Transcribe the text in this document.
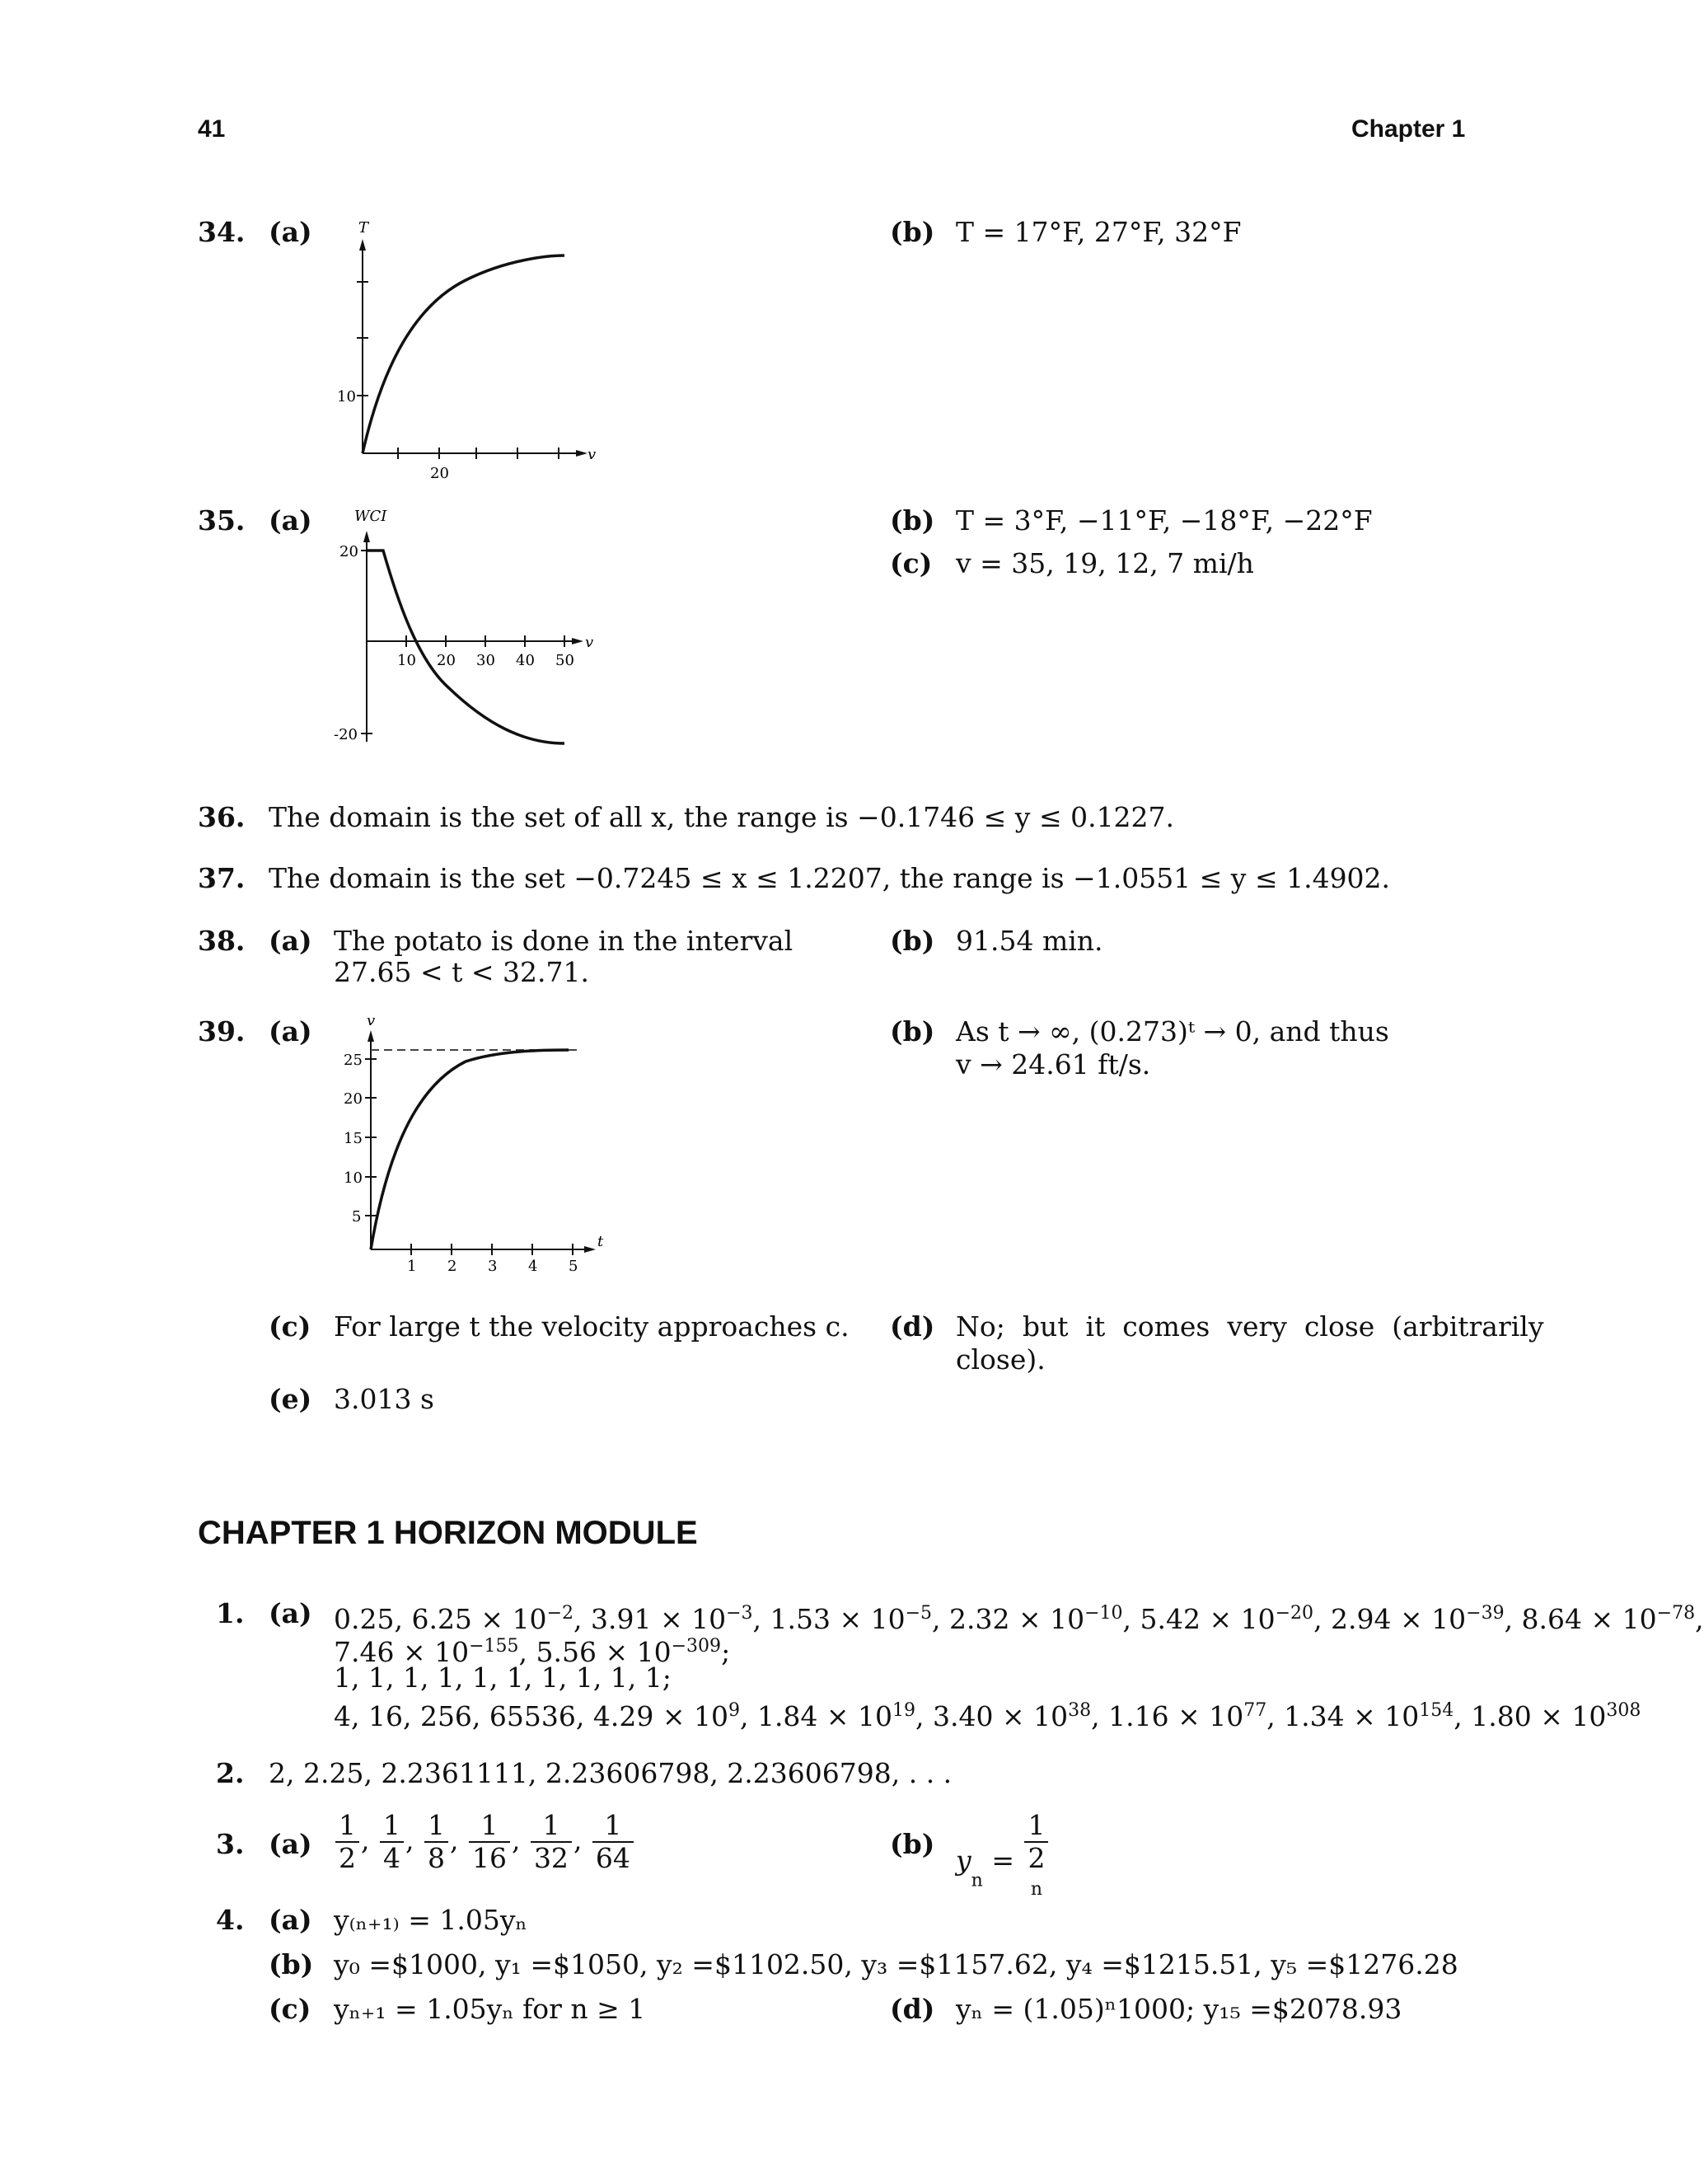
41	Chapter 1
34. (a)	T
v
10
20
(b) T = 17°F, 27°F, 32°F
35. (a)	WCI
v
20
-20
10 20 30 40 50
(b) T = 3°F, −11°F, −18°F, −22°F
(c) v = 35, 19, 12, 7 mi/h
36. The domain is the set of all x, the range is −0.1746 ≤ y ≤ 0.1227.
37. The domain is the set −0.7245 ≤ x ≤ 1.2207, the range is −1.0551 ≤ y ≤ 1.4902.
38. (a) The potato is done in the interval
27.65 < t < 32.71.
(b) 91.54 min.
39. (a)	v
t
25
20
15
10
5
1 2 3 4 5
(b) As t → ∞, (0.273)ᵗ → 0, and thus
v → 24.61 ft/s.
(c) For large t the velocity approaches c. (d) No;  but  it  comes  very  close  (arbitrarily
close).
(e) 3.013 s
CHAPTER 1 HORIZON MODULE
1. (a) 0.25, $6.25 \times 10^{-2}$, $3.91 \times 10^{-3}$, $1.53 \times 10^{-5}$, $2.32 \times 10^{-10}$, $5.42 \times 10^{-20}$, $2.94 \times 10^{-39}$, $8.64 \times 10^{-78}$,
$7.46 \times 10^{-155}$, $5.56 \times 10^{-309}$;
1, 1, 1, 1, 1, 1, 1, 1, 1, 1;
4, 16, 256, 65536, $4.29 \times 10^9$, $1.84 \times 10^{19}$, $3.40 \times 10^{38}$, $1.16 \times 10^{77}$, $1.34 \times 10^{154}$, $1.80 \times 10^{308}$
2. 2, 2.25, 2.2361111, 2.23606798, 2.23606798, . . .
3. $(a) \frac{1}{2}$ , $\frac{1}{4}$ , $\frac{1}{8}$ , $\frac{1}{16}$ , $\frac{1}{32}$ , $\frac{1}{64}$	(b) $y_n = 1$
2
$^n$
4. (a) y₍ₙ₊₁₎ = 1.05yₙ
(b) y₀ =$1000, y₁ =$1050, y₂ =$1102.50, y₃ =$1157.62, y₄ =$1215.51, y₅ =$1276.28
(c) yₙ₊₁ = 1.05yₙ for n ≥ 1	(d) yₙ = (1.05)ⁿ1000; y₁₅ =$2078.93
